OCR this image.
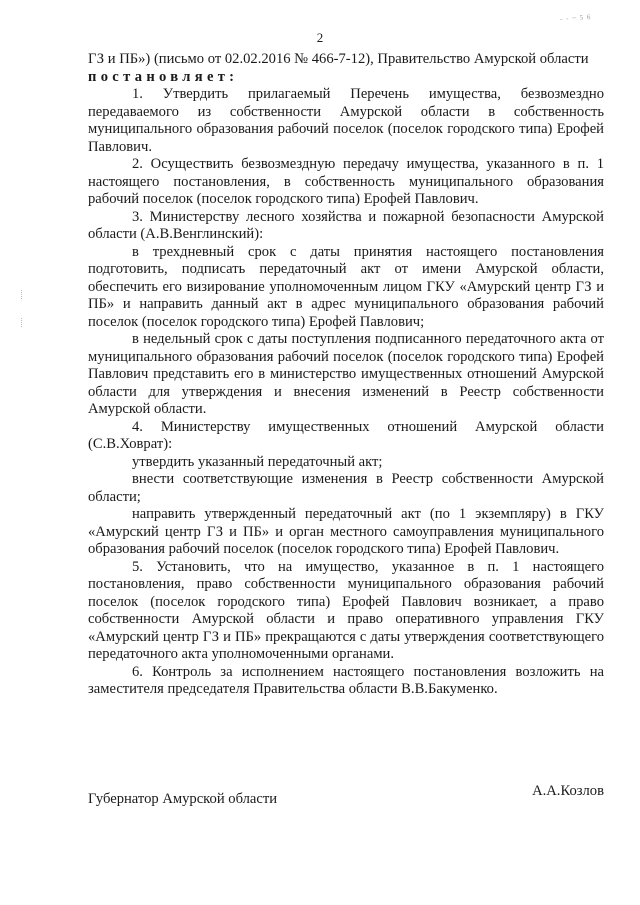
- - ~ 5 6
2

ГЗ и ПБ») (письмо от 02.02.2016 № 466-7-12), Правительство Амурской области

постановляет:

1. Утвердить прилагаемый Перечень имущества, безвозмездно передаваемого из собственности Амурской области в собственность муниципального образования рабочий поселок (поселок городского типа) Ерофей Павлович.

2. Осуществить безвозмездную передачу имущества, указанного в п. 1 настоящего постановления, в собственность муниципального образования рабочий поселок (поселок городского типа) Ерофей Павлович.

3. Министерству лесного хозяйства и пожарной безопасности Амурской области (А.В.Венглинский):

в трехдневный срок с даты принятия настоящего постановления подготовить, подписать передаточный акт от имени Амурской области, обеспечить его визирование уполномоченным лицом ГКУ «Амурский центр ГЗ и ПБ» и направить данный акт в адрес муниципального образования рабочий поселок (поселок городского типа) Ерофей Павлович;

в недельный срок с даты поступления подписанного передаточного акта от муниципального образования рабочий поселок (поселок городского типа) Ерофей Павлович представить его в министерство имущественных отношений Амурской области для утверждения и внесения изменений в Реестр собственности Амурской области.

4. Министерству имущественных отношений Амурской области (С.В.Ховрат):

утвердить указанный передаточный акт;

внести соответствующие изменения в Реестр собственности Амурской области;

направить утвержденный передаточный акт (по 1 экземпляру) в ГКУ «Амурский центр ГЗ и ПБ» и орган местного самоуправления муниципального образования рабочий поселок (поселок городского типа) Ерофей Павлович.

5. Установить, что на имущество, указанное в п. 1 настоящего постановления, право собственности муниципального образования рабочий поселок (поселок городского типа) Ерофей Павлович возникает, а право собственности Амурской области и право оперативного управления ГКУ «Амурский центр ГЗ и ПБ» прекращаются с даты утверждения соответствующего передаточного акта уполномоченными органами.

6. Контроль за исполнением настоящего постановления возложить на заместителя председателя Правительства области В.В.Бакуменко.

Губернатор Амурской области	А.А.Козлов
